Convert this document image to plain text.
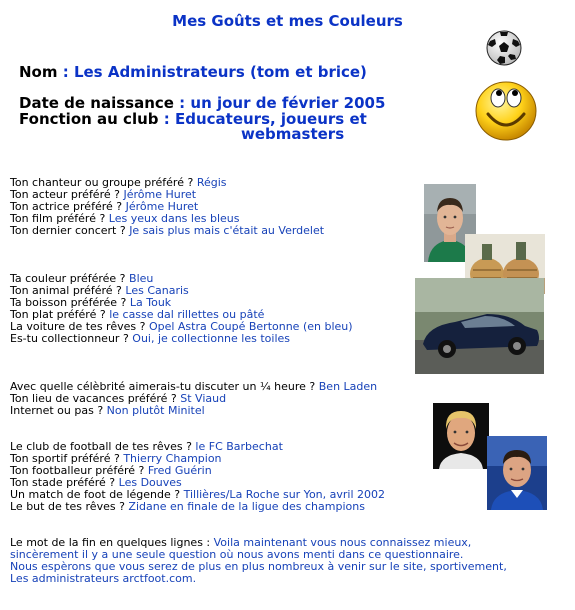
Mes Goûts et mes Couleurs
Nom : Les Administrateurs (tom et brice)
Date de naissance : un jour de février 2005
Fonction au club : Educateurs, joueurs et
webmasters
Ton chanteur ou groupe préféré ? Régis
Ton acteur préféré ? Jérôme Huret
Ton actrice préféré ? Jérôme Huret
Ton film préféré ? Les yeux dans les bleus
Ton dernier concert ? Je sais plus mais c'était au Verdelet
Ta couleur préférée ? Bleu
Ton animal préféré ? Les Canaris
Ta boisson préférée ? La Touk
Ton plat préféré ? le casse dal rillettes ou pâté
La voiture de tes rêves ? Opel Astra Coupé Bertonne (en bleu)
Es-tu collectionneur ? Oui, je collectionne les toiles
Avec quelle célèbrité aimerais-tu discuter un ¼ heure ? Ben Laden
Ton lieu de vacances préféré ? St Viaud
Internet ou pas ? Non plutôt Minitel
Le club de football de tes rêves ? le FC Barbechat
Ton sportif préféré ? Thierry Champion
Ton footballeur préféré ? Fred Guérin
Ton stade préféré ? Les Douves
Un match de foot de légende ? Tillières/La Roche sur Yon, avril 2002
Le but de tes rêves ? Zidane en finale de la ligue des champions
Le mot de la fin en quelques lignes : Voila maintenant vous nous connaissez mieux,
sincèrement il y a une seule question où nous avons menti dans ce questionnaire.
Nous espèrons que vous serez de plus en plus nombreux à venir sur le site, sportivement,
Les administrateurs arctfoot.com.
